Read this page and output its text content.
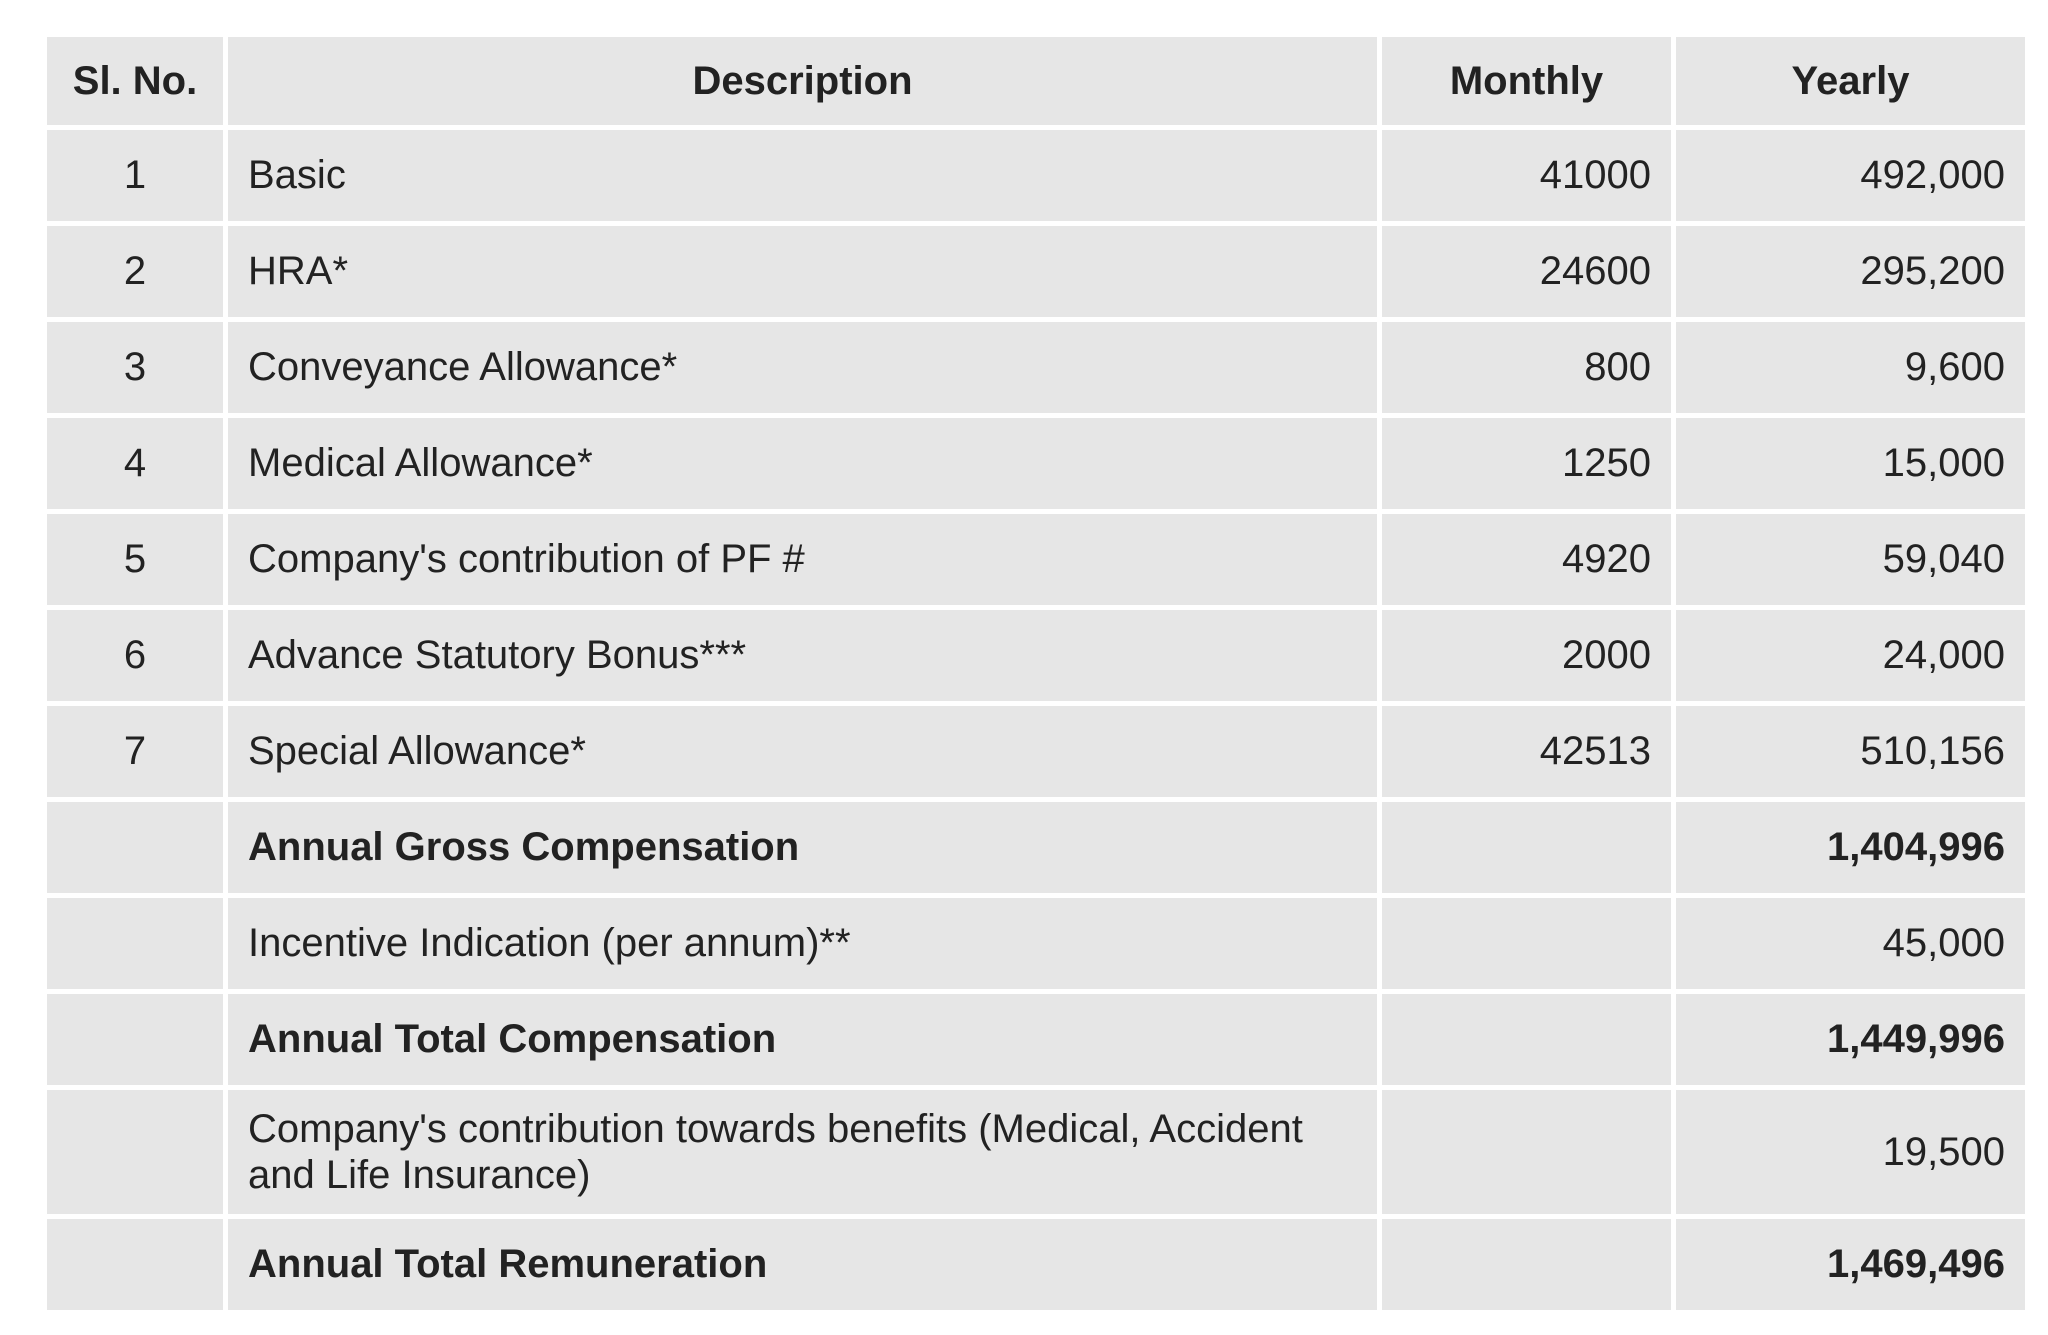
Sl. No.	Description	Monthly	Yearly
1	Basic	41000	492,000
2	HRA*	24600	295,200
3	Conveyance Allowance*	800	9,600
4	Medical Allowance*	1250	15,000
5	Company's contribution of PF #	4920	59,040
6	Advance Statutory Bonus***	2000	24,000
7	Special Allowance*	42513	510,156
	Annual Gross Compensation		1,404,996
	Incentive Indication (per annum)**		45,000
	Annual Total Compensation		1,449,996
	Company's contribution towards benefits (Medical, Accident and Life Insurance)		19,500
	Annual Total Remuneration		1,469,496
